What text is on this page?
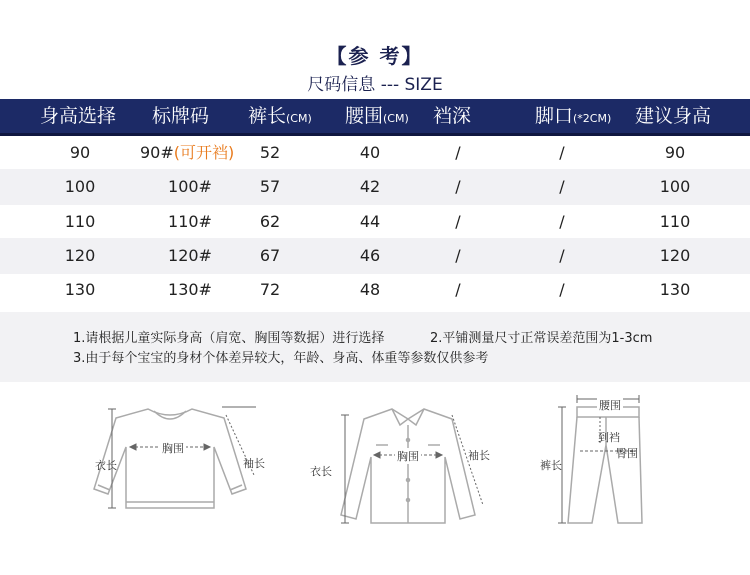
【参 考】
尺码信息 --- SIZE
身高选择 标牌码 裤长(CM) 腰围(CM) 裆深	脚口(*2CM) 建议身高
90	90#(可开裆)	52	40	/	/	90
100	100#	57	42	/	/	100
110	110#	62	44	/	/	110
120	120#	67	46	/	/	120
130	130#	72	48	/	/	130
1.请根据儿童实际身高（肩宽、胸围等数据）进行选择	2.平铺测量尺寸正常误差范围为1-3cm
3.由于每个宝宝的身材个体差异较大，年龄、身高、体重等参数仅供参考
衣长
胸围
袖长
衣长
胸围	袖长
腰围
到裆
臀围
裤长
